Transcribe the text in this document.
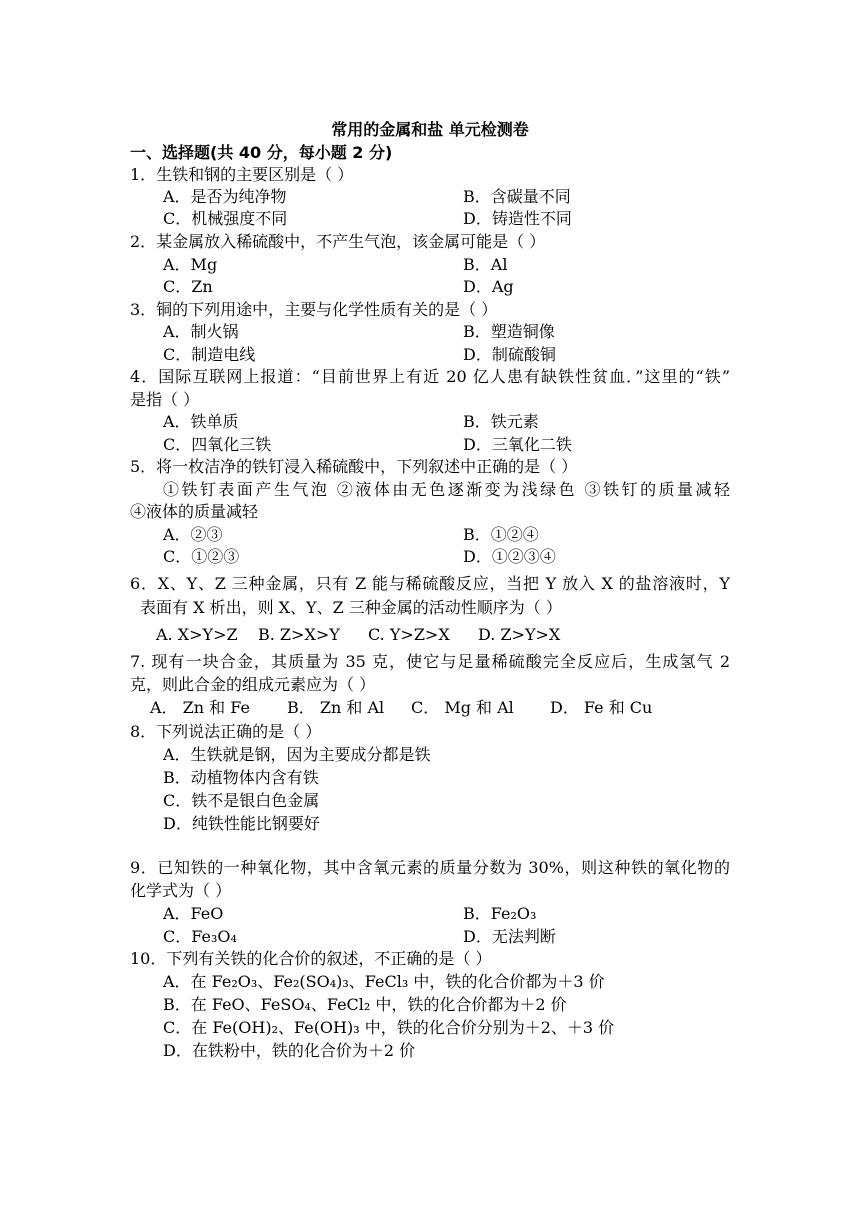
常用的金属和盐 单元检测卷
一、选择题(共 40 分，每小题 2 分)
1．生铁和钢的主要区别是（ ）
A．是否为纯净物	B．含碳量不同
C．机械强度不同	D．铸造性不同
2．某金属放入稀硫酸中，不产生气泡，该金属可能是（ ）
A．Mg	B．Al
C．Zn	D．Ag
3．铜的下列用途中，主要与化学性质有关的是（ ）
A．制火锅	B．塑造铜像
C．制造电线	D．制硫酸铜
4．国际互联网上报道：“目前世界上有近 20 亿人患有缺铁性贫血．”这里的“铁”
是指（ ）
A．铁单质	B．铁元素
C．四氧化三铁	D．三氧化二铁
5．将一枚洁净的铁钉浸入稀硫酸中，下列叙述中正确的是（ ）
①铁钉表面产生气泡 ②液体由无色逐渐变为浅绿色 ③铁钉的质量减轻
④液体的质量减轻
A．②③	B．①②④
C．①②③	D．①②③④
6．X、Y、Z 三种金属，只有 Z 能与稀硫酸反应，当把 Y 放入 X 的盐溶液时，Y
表面有 X 析出，则 X、Y、Z 三种金属的活动性顺序为（ ）
A. X>Y>Z B. Z>X>Y C. Y>Z>X D. Z>Y>X
7. 现有一块合金，其质量为 35 克，使它与足量稀硫酸完全反应后，生成氢气 2
克，则此合金的组成元素应为（ ）
A． Zn 和 Fe B． Zn 和 Al C． Mg 和 Al D． Fe 和 Cu
8．下列说法正确的是（ ）
A．生铁就是钢，因为主要成分都是铁
B．动植物体内含有铁
C．铁不是银白色金属
D．纯铁性能比钢要好
9．已知铁的一种氧化物，其中含氧元素的质量分数为 30%，则这种铁的氧化物的
化学式为（ ）
A．FeO	B．Fe₂O₃
C．Fe₃O₄	D．无法判断
10．下列有关铁的化合价的叙述，不正确的是（ ）
A．在 Fe₂O₃、Fe₂(SO₄)₃、FeCl₃ 中，铁的化合价都为＋3 价
B．在 FeO、FeSO₄、FeCl₂ 中，铁的化合价都为＋2 价
C．在 Fe(OH)₂、Fe(OH)₃ 中，铁的化合价分别为＋2、＋3 价
D．在铁粉中，铁的化合价为＋2 价
